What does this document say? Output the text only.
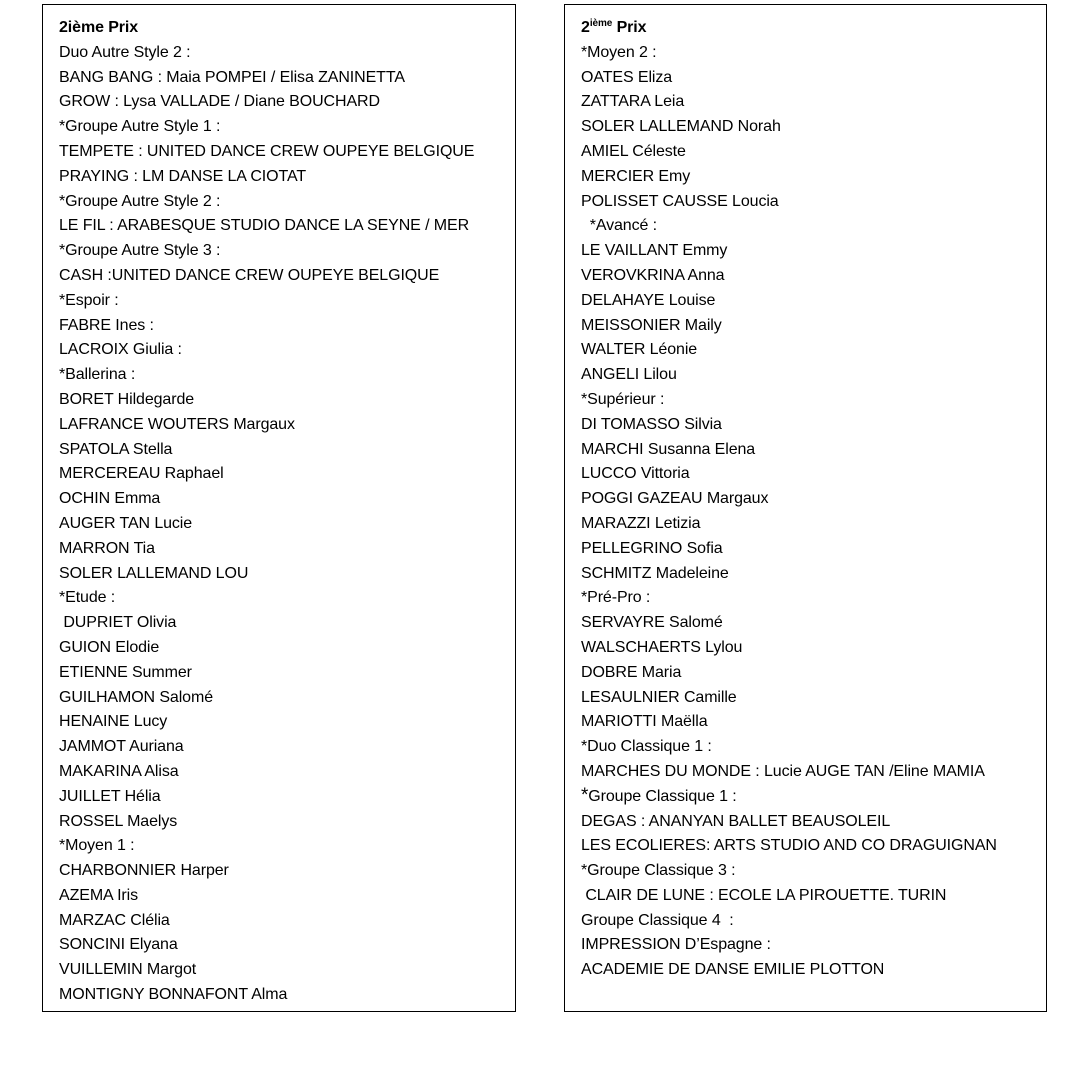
2ième Prix
Duo Autre Style 2 :
BANG BANG : Maia POMPEI / Elisa ZANINETTA
GROW : Lysa VALLADE / Diane BOUCHARD
*Groupe Autre Style 1 :
TEMPETE : UNITED DANCE CREW OUPEYE BELGIQUE
PRAYING : LM DANSE LA CIOTAT
*Groupe Autre Style 2 :
LE FIL : ARABESQUE STUDIO DANCE LA SEYNE / MER
*Groupe Autre Style 3 :
CASH :UNITED DANCE CREW OUPEYE BELGIQUE
*Espoir :
FABRE Ines :
LACROIX Giulia :
*Ballerina :
BORET Hildegarde
LAFRANCE WOUTERS Margaux
SPATOLA Stella
MERCEREAU Raphael
OCHIN Emma
AUGER TAN Lucie
MARRON Tia
SOLER LALLEMAND LOU
*Etude :
DUPRIET Olivia
GUION Elodie
ETIENNE Summer
GUILHAMON Salomé
HENAINE Lucy
JAMMOT Auriana
MAKARINA Alisa
JUILLET Hélia
ROSSEL Maelys
*Moyen 1 :
CHARBONNIER Harper
AZEMA Iris
MARZAC Clélia
SONCINI Elyana
VUILLEMIN Margot
MONTIGNY BONNAFONT Alma
2ième Prix
*Moyen 2 :
OATES Eliza
ZATTARA Leia
SOLER LALLEMAND Norah
AMIEL Céleste
MERCIER Emy
POLISSET CAUSSE Loucia
*Avancé :
LE VAILLANT Emmy
VEROVKRINA Anna
DELAHAYE Louise
MEISSONIER Maily
WALTER Léonie
ANGELI Lilou
*Supérieur :
DI TOMASSO Silvia
MARCHI Susanna Elena
LUCCO Vittoria
POGGI GAZEAU Margaux
MARAZZI Letizia
PELLEGRINO Sofia
SCHMITZ Madeleine
*Pré-Pro :
SERVAYRE Salomé
WALSCHAERTS Lylou
DOBRE Maria
LESAULNIER Camille
MARIOTTI Maëlla
*Duo Classique 1 :
MARCHES DU MONDE : Lucie AUGE TAN /Eline MAMIA
*Groupe Classique 1 :
DEGAS : ANANYAN BALLET BEAUSOLEIL
LES ECOLIERES: ARTS STUDIO AND CO DRAGUIGNAN
*Groupe Classique 3 :
CLAIR DE LUNE : ECOLE LA PIROUETTE. TURIN
Groupe Classique 4  :
IMPRESSION D’Espagne :
ACADEMIE DE DANSE EMILIE PLOTTON
